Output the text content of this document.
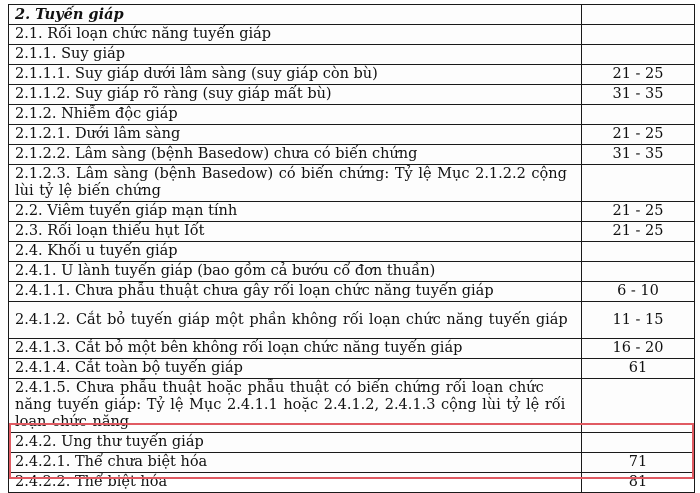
2. Tuyến giáp	
2.1. Rối loạn chức năng tuyến giáp	
2.1.1. Suy giáp	
2.1.1.1. Suy giáp dưới lâm sàng (suy giáp còn bù)	21 - 25
2.1.1.2. Suy giáp rõ ràng (suy giáp mất bù)	31 - 35
2.1.2. Nhiễm độc giáp	
2.1.2.1. Dưới lâm sàng	21 - 25
2.1.2.2. Lâm sàng (bệnh Basedow) chưa có biến chứng	31 - 35
2.1.2.3. Lâm sàng (bệnh Basedow) có biến chứng: Tỷ lệ Mục 2.1.2.2 cộng lùi tỷ lệ biến chứng	
2.2. Viêm tuyến giáp mạn tính	21 - 25
2.3. Rối loạn thiếu hụt Iốt	21 - 25
2.4. Khối u tuyến giáp	
2.4.1. U lành tuyến giáp (bao gồm cả bướu cổ đơn thuần)	
2.4.1.1. Chưa phẫu thuật chưa gây rối loạn chức năng tuyến giáp	6 - 10
2.4.1.2. Cắt bỏ tuyến giáp một phần không rối loạn chức năng tuyến giáp	11 - 15
2.4.1.3. Cắt bỏ một bên không rối loạn chức năng tuyến giáp	16 - 20
2.4.1.4. Cắt toàn bộ tuyến giáp	61
2.4.1.5. Chưa phẫu thuật hoặc phẫu thuật có biến chứng rối loạn chức năng tuyến giáp: Tỷ lệ Mục 2.4.1.1 hoặc 2.4.1.2, 2.4.1.3 cộng lùi tỷ lệ rối loạn chức năng	
2.4.2. Ung thư tuyến giáp	
2.4.2.1. Thể chưa biệt hóa	71
2.4.2.2. Thể biệt hóa	81
